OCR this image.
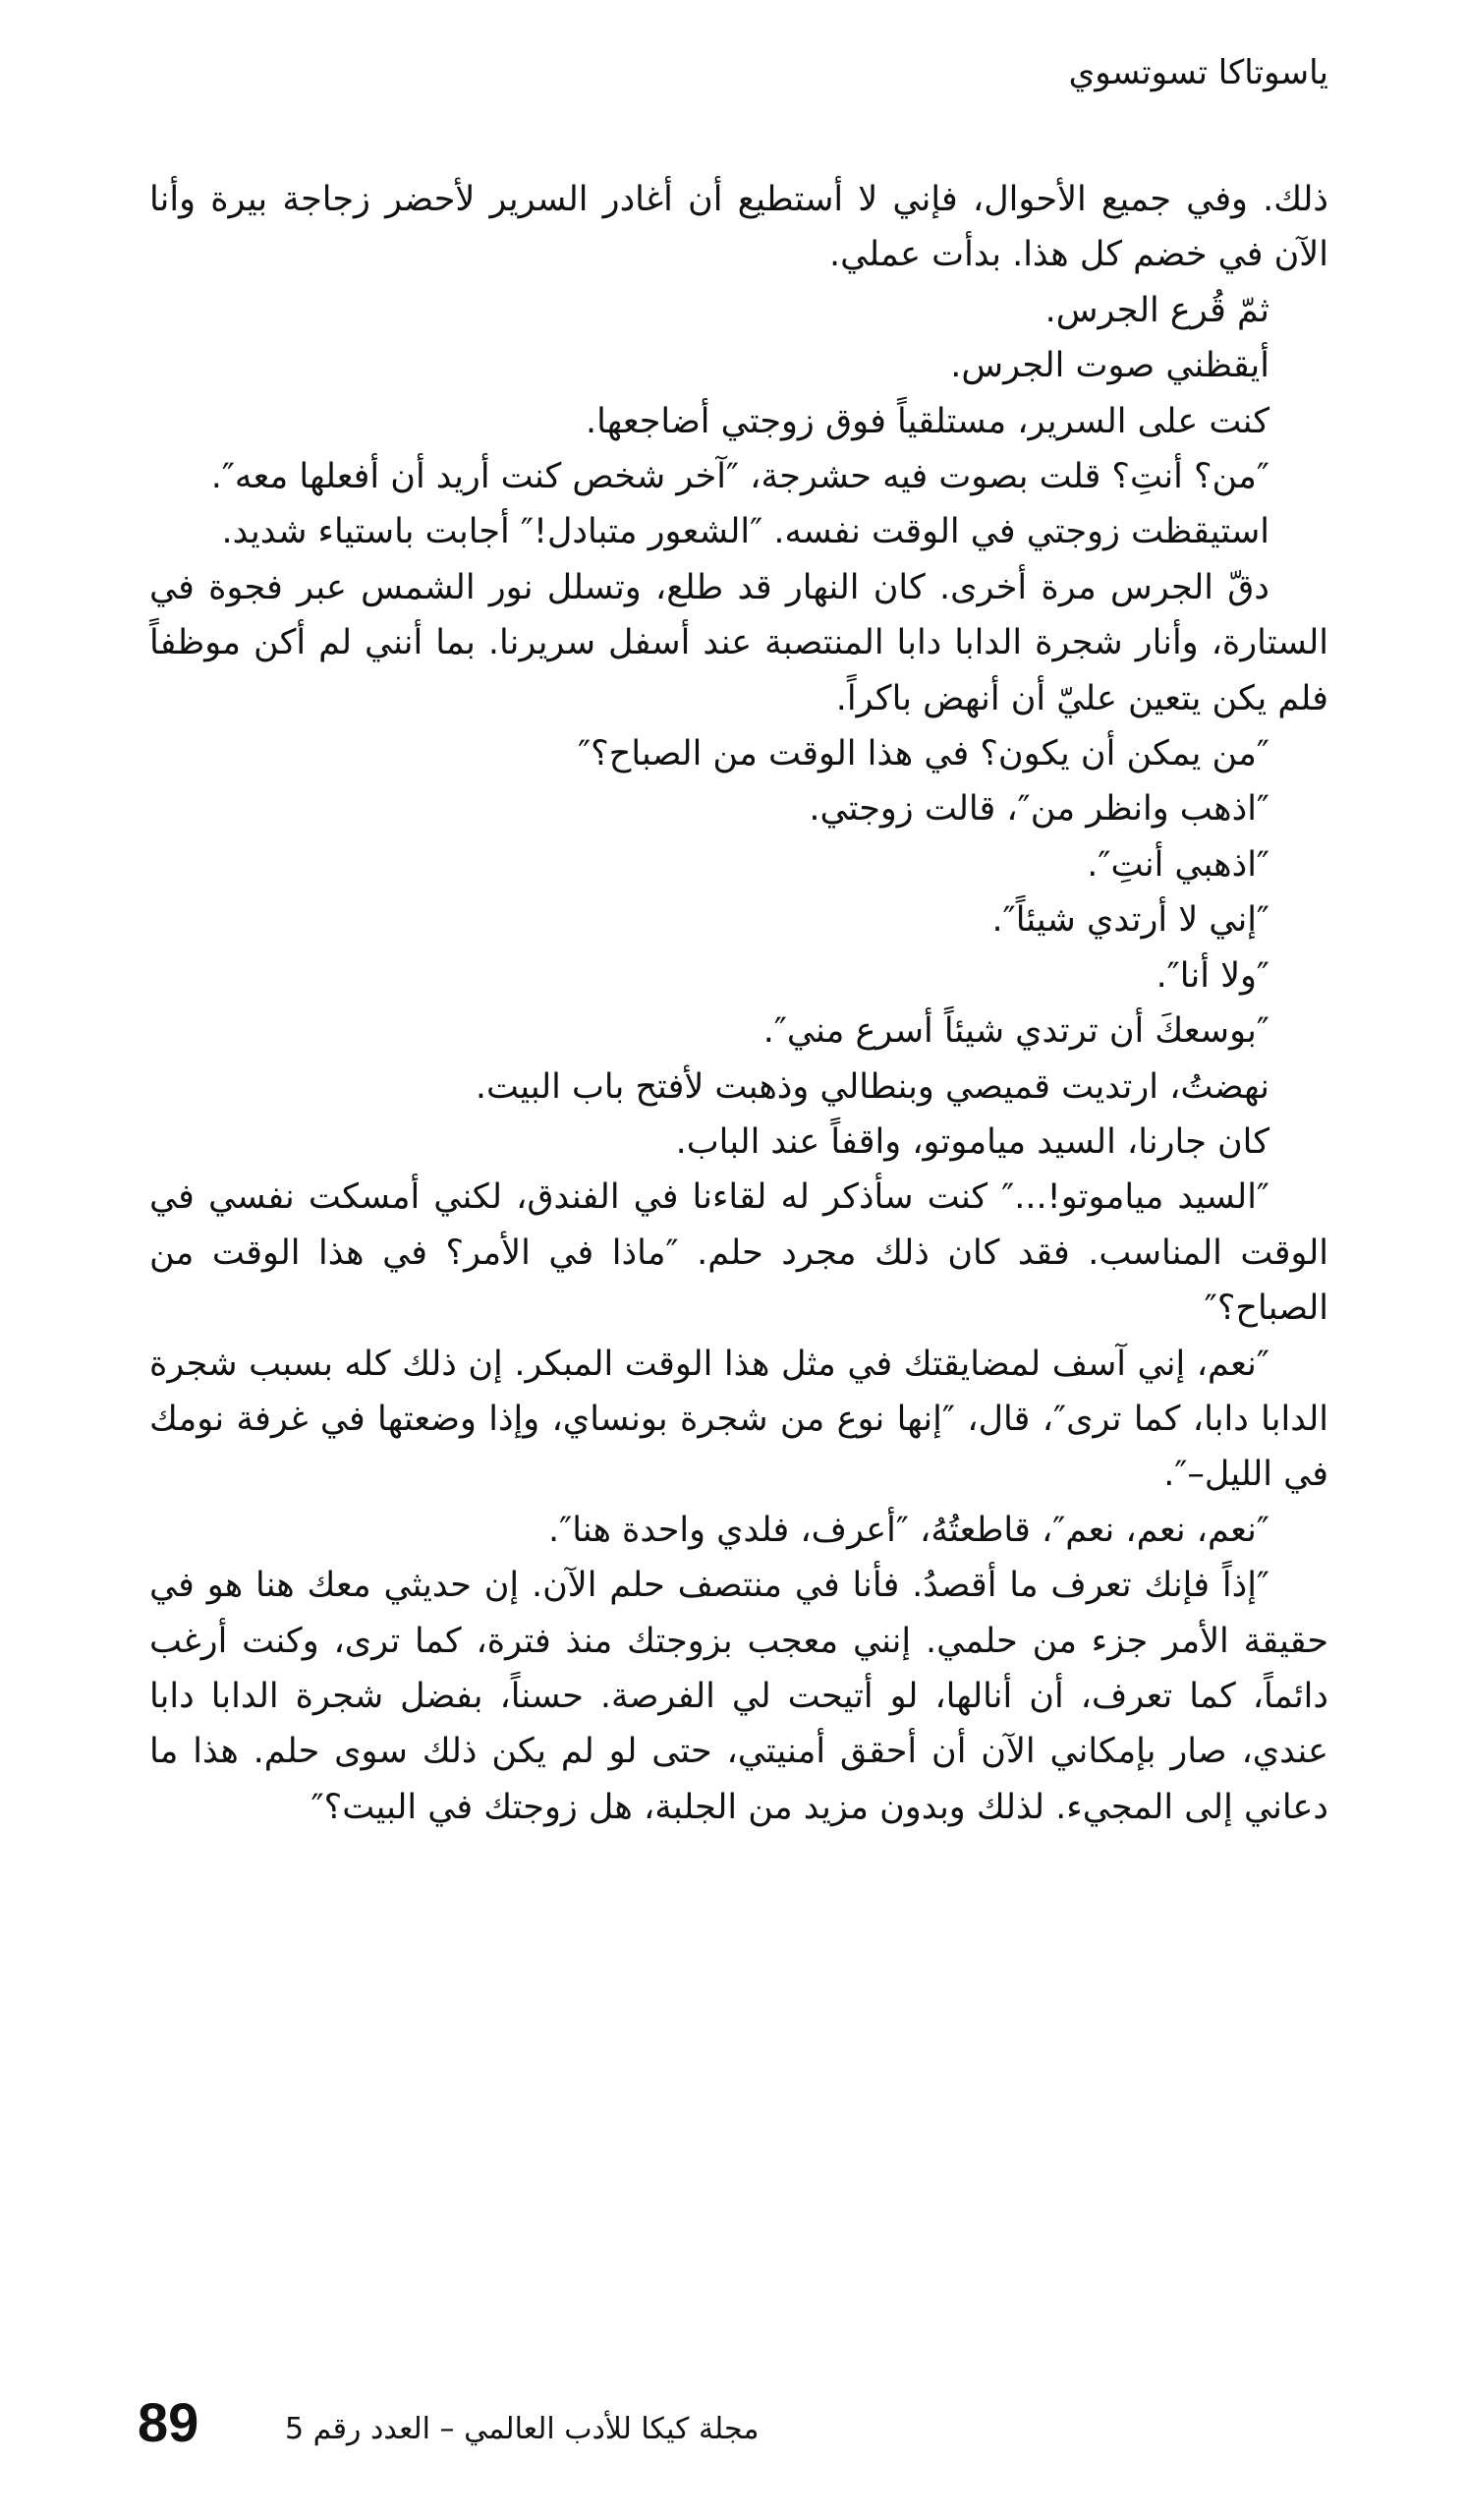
ياسوتاكا تسوتسوي

ذلك. وفي جميع الأحوال، فإني لا أستطيع أن أغادر السرير لأحضر زجاجة بيرة وأنا الآن في خضم كل هذا. بدأت عملي.

ثمّ قُرع الجرس.

أيقظني صوت الجرس.

كنت على السرير، مستلقياً فوق زوجتي أضاجعها.

″من؟ أنتِ؟ قلت بصوت فيه حشرجة، ″آخر شخص كنت أريد أن أفعلها معه″.

استيقظت زوجتي في الوقت نفسه. ″الشعور متبادل!″ أجابت باستياء شديد.

دقّ الجرس مرة أخرى. كان النهار قد طلع، وتسلل نور الشمس عبر فجوة في الستارة، وأنار شجرة الدابا دابا المنتصبة عند أسفل سريرنا. بما أنني لم أكن موظفاً فلم يكن يتعين عليّ أن أنهض باكراً.

″من يمكن أن يكون؟ في هذا الوقت من الصباح؟″

″اذهب وانظر من″، قالت زوجتي.

″اذهبي أنتِ″.

″إني لا أرتدي شيئاً″.

″ولا أنا″.

″بوسعكَ أن ترتدي شيئاً أسرع مني″.

نهضتُ، ارتديت قميصي وبنطالي وذهبت لأفتح باب البيت.

كان جارنا، السيد مياموتو، واقفاً عند الباب.

″السيد مياموتو!...″ كنت سأذكر له لقاءنا في الفندق، لكني أمسكت نفسي في الوقت المناسب. فقد كان ذلك مجرد حلم. ″ماذا في الأمر؟ في هذا الوقت من الصباح؟″

″نعم، إني آسف لمضايقتك في مثل هذا الوقت المبكر. إن ذلك كله بسبب شجرة الدابا دابا، كما ترى″، قال، ″إنها نوع من شجرة بونساي، وإذا وضعتها في غرفة نومك في الليل–″.

″نعم، نعم، نعم″، قاطعتُهُ، ″أعرف، فلدي واحدة هنا″.

″إذاً فإنك تعرف ما أقصدُ. فأنا في منتصف حلم الآن. إن حديثي معك هنا هو في حقيقة الأمر جزء من حلمي. إنني معجب بزوجتك منذ فترة، كما ترى، وكنت أرغب دائماً، كما تعرف، أن أنالها، لو أتيحت لي الفرصة. حسناً، بفضل شجرة الدابا دابا عندي، صار بإمكاني الآن أن أحقق أمنيتي، حتى لو لم يكن ذلك سوى حلم. هذا ما دعاني إلى المجيء. لذلك وبدون مزيد من الجلبة، هل زوجتك في البيت؟″

89	مجلة كيكا للأدب العالمي – العدد رقم 5
